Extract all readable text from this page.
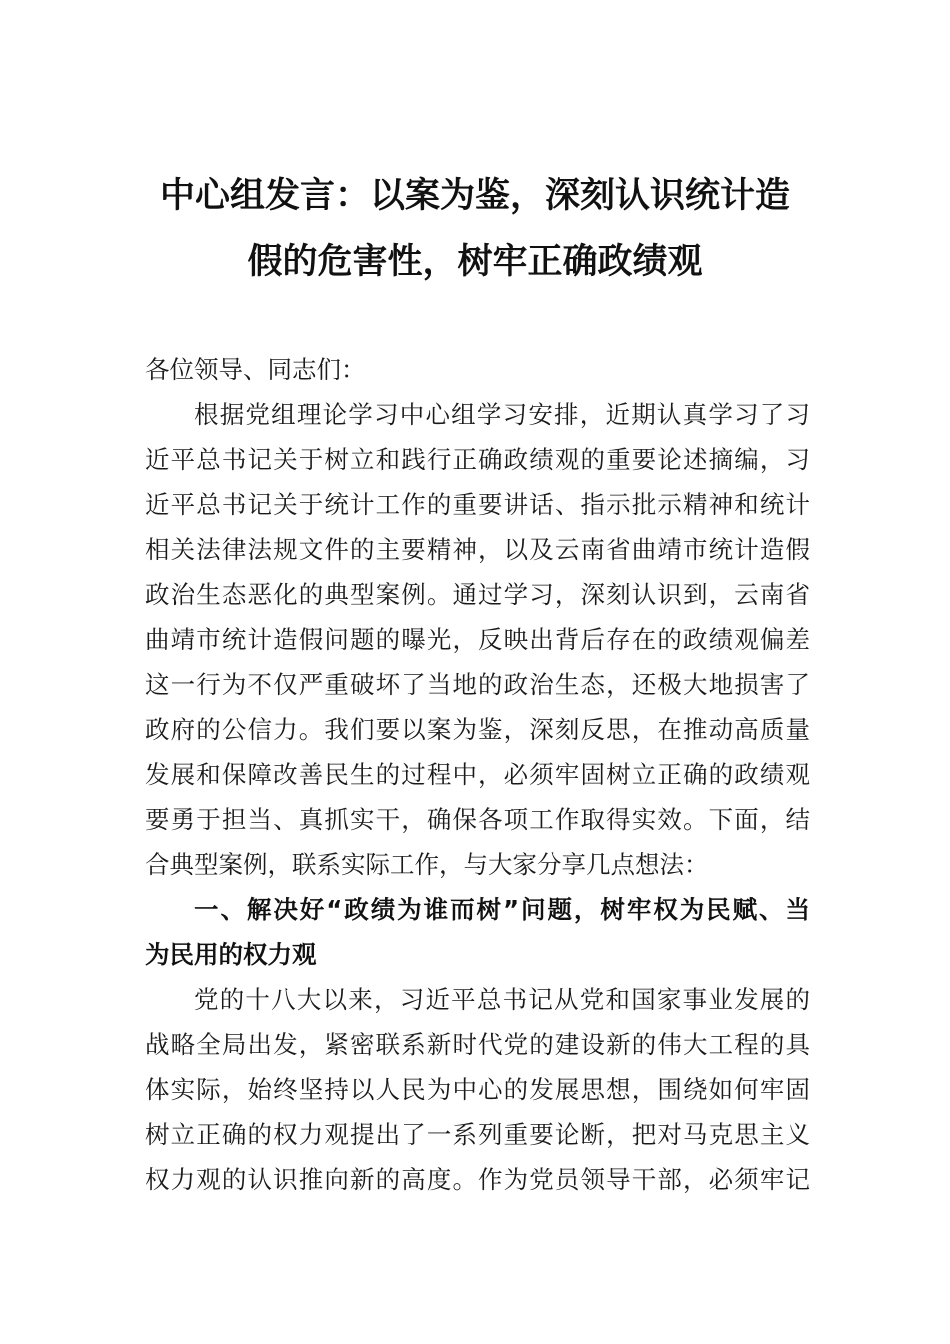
中心组发言：以案为鉴，深刻认识统计造
假的危害性，树牢正确政绩观
各位领导、同志们：
根据党组理论学习中心组学习安排，近期认真学习了习
近平总书记关于树立和践行正确政绩观的重要论述摘编，习
近平总书记关于统计工作的重要讲话、指示批示精神和统计
相关法律法规文件的主要精神，以及云南省曲靖市统计造假
政治生态恶化的典型案例。通过学习，深刻认识到，云南省
曲靖市统计造假问题的曝光，反映出背后存在的政绩观偏差
这一行为不仅严重破坏了当地的政治生态，还极大地损害了
政府的公信力。我们要以案为鉴，深刻反思，在推动高质量
发展和保障改善民生的过程中，必须牢固树立正确的政绩观
要勇于担当、真抓实干，确保各项工作取得实效。下面，结
合典型案例，联系实际工作，与大家分享几点想法：
一、解决好“政绩为谁而树”问题，树牢权为民赋、当
为民用的权力观
党的十八大以来，习近平总书记从党和国家事业发展的
战略全局出发，紧密联系新时代党的建设新的伟大工程的具
体实际，始终坚持以人民为中心的发展思想，围绕如何牢固
树立正确的权力观提出了一系列重要论断，把对马克思主义
权力观的认识推向新的高度。作为党员领导干部，必须牢记
